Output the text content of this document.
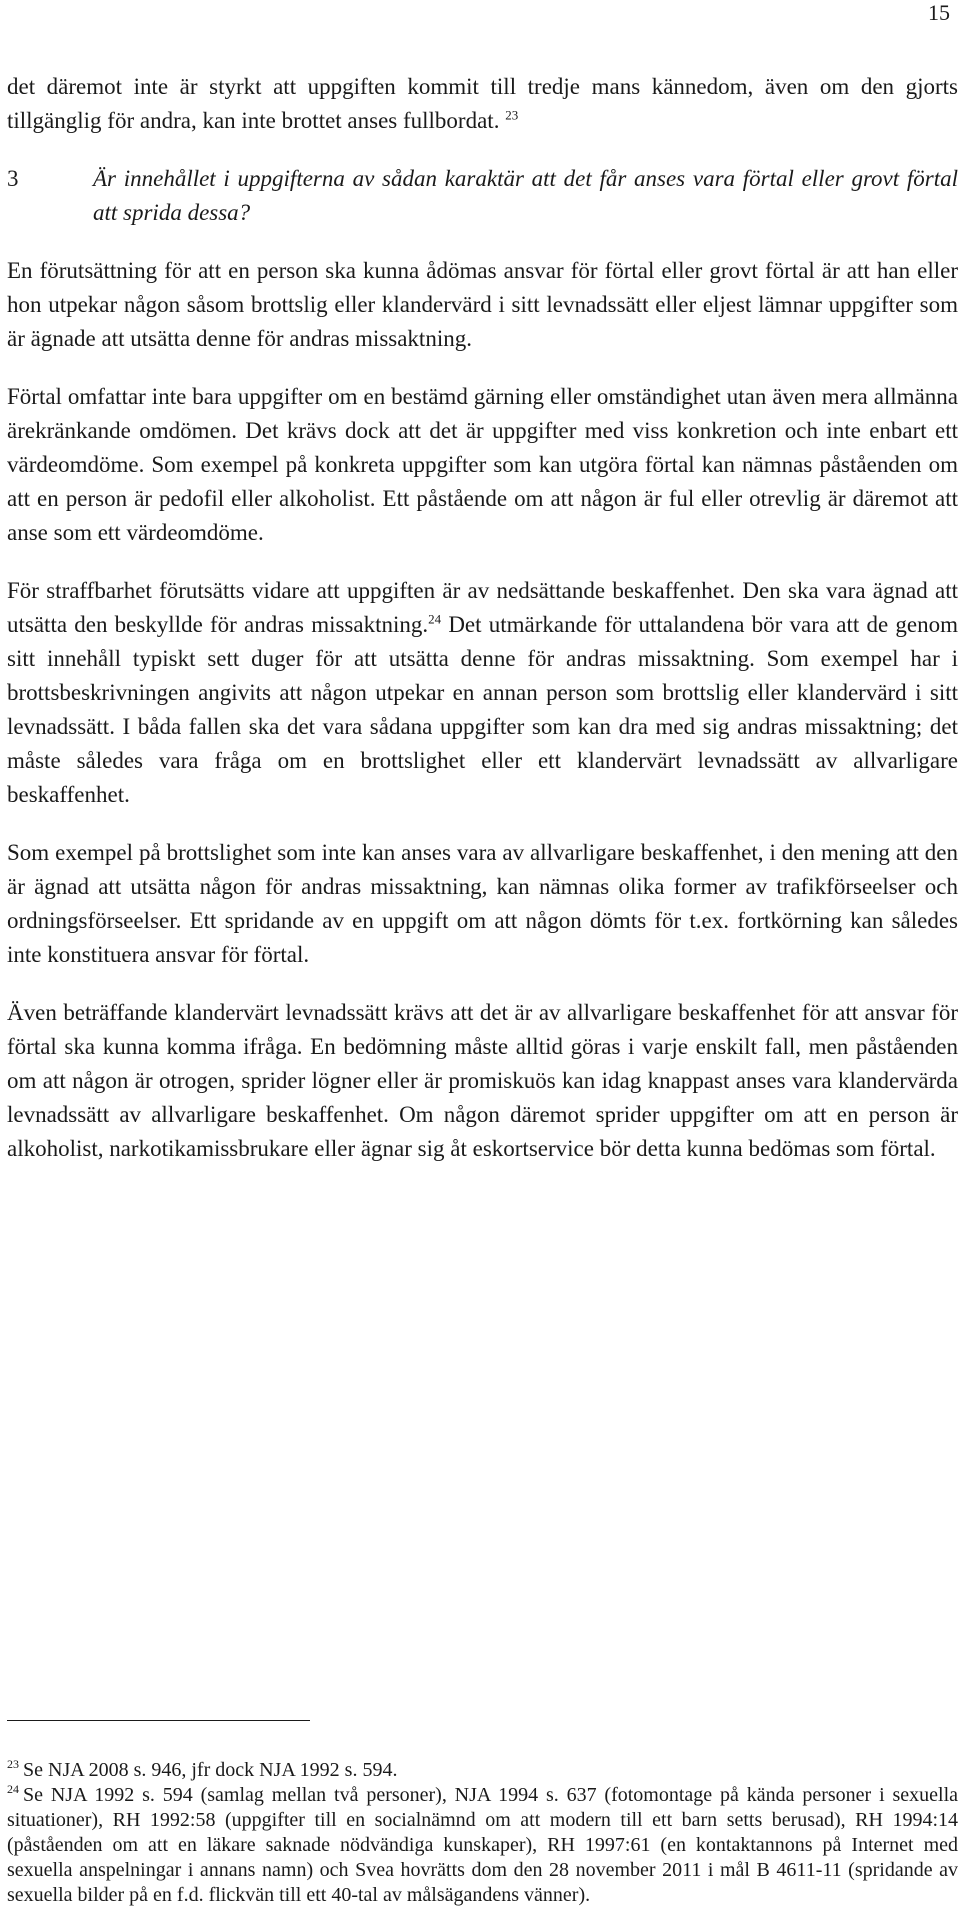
15

det däremot inte är styrkt att uppgiften kommit till tredje mans kännedom, även om den gjorts tillgänglig för andra, kan inte brottet anses fullbordat. $^{23}$

3	Är innehållet i uppgifterna av sådan karaktär att det får anses vara förtal eller grovt förtal att sprida dessa?

En förutsättning för att en person ska kunna ådömas ansvar för förtal eller grovt förtal är att han eller hon utpekar någon såsom brottslig eller klandervärd i sitt levnadssätt eller eljest lämnar uppgifter som är ägnade att utsätta denne för andras missaktning.

Förtal omfattar inte bara uppgifter om en bestämd gärning eller omständighet utan även mera allmänna ärekränkande omdömen. Det krävs dock att det är uppgifter med viss konkretion och inte enbart ett värdeomdöme. Som exempel på konkreta uppgifter som kan utgöra förtal kan nämnas påståenden om att en person är pedofil eller alkoholist. Ett påstående om att någon är ful eller otrevlig är däremot att anse som ett värdeomdöme.

För straffbarhet förutsätts vidare att uppgiften är av nedsättande beskaffenhet. Den ska vara ägnad att utsätta den beskyllde för andras missaktning.$^{24}$ Det utmärkande för uttalandena bör vara att de genom sitt innehåll typiskt sett duger för att utsätta denne för andras missaktning. Som exempel har i brottsbeskrivningen angivits att någon utpekar en annan person som brottslig eller klandervärd i sitt levnadssätt. I båda fallen ska det vara sådana uppgifter som kan dra med sig andras missaktning; det måste således vara fråga om en brottslighet eller ett klandervärt levnadssätt av allvarligare beskaffenhet.

Som exempel på brottslighet som inte kan anses vara av allvarligare beskaffenhet, i den mening att den är ägnad att utsätta någon för andras missaktning, kan nämnas olika former av trafikförseelser och ordningsförseelser. Ett spridande av en uppgift om att någon dömts för t.ex. fortkörning kan således inte konstituera ansvar för förtal.

Även beträffande klandervärt levnadssätt krävs att det är av allvarligare beskaffenhet för att ansvar för förtal ska kunna komma ifråga. En bedömning måste alltid göras i varje enskilt fall, men påståenden om att någon är otrogen, sprider lögner eller är promiskuös kan idag knappast anses vara klandervärda levnadssätt av allvarligare beskaffenhet. Om någon däremot sprider uppgifter om att en person är alkoholist, narkotikamissbrukare eller ägnar sig åt eskortservice bör detta kunna bedömas som förtal.

$^{23}$ Se NJA 2008 s. 946, jfr dock NJA 1992 s. 594.

$^{24}$ Se NJA 1992 s. 594 (samlag mellan två personer), NJA 1994 s. 637 (fotomontage på kända personer i sexuella situationer), RH 1992:58 (uppgifter till en socialnämnd om att modern till ett barn setts berusad), RH 1994:14 (påståenden om att en läkare saknade nödvändiga kunskaper), RH 1997:61 (en kontaktannons på Internet med sexuella anspelningar i annans namn) och Svea hovrätts dom den 28 november 2011 i mål B 4611-11 (spridande av sexuella bilder på en f.d. flickvän till ett 40-tal av målsägandens vänner).
